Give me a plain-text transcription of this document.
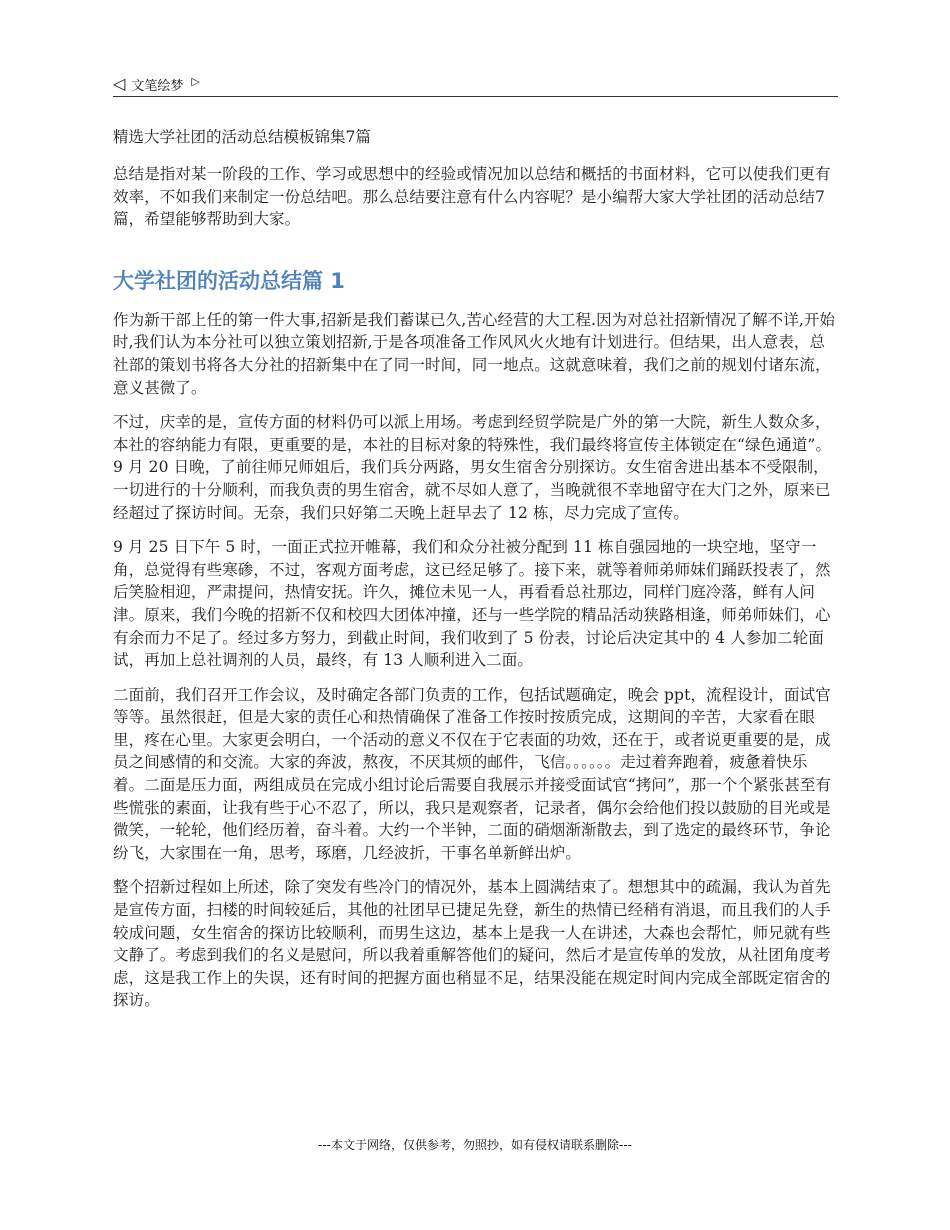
◁ 文笔绘梦 ▷
精选大学社团的活动总结模板锦集7篇

总结是指对某一阶段的工作、学习或思想中的经验或情况加以总结和概括的书面材料，它可以使我们更有效率，不如我们来制定一份总结吧。那么总结要注意有什么内容呢？是小编帮大家大学社团的活动总结7篇，希望能够帮助到大家。

大学社团的活动总结篇 1

作为新干部上任的第一件大事,招新是我们蓄谋已久,苦心经营的大工程.因为对总社招新情况了解不详,开始时,我们认为本分社可以独立策划招新,于是各项准备工作风风火火地有计划进行。但结果，出人意表，总社部的策划书将各大分社的招新集中在了同一时间，同一地点。这就意味着，我们之前的规划付诸东流，意义甚微了。

不过，庆幸的是，宣传方面的材料仍可以派上用场。考虑到经贸学院是广外的第一大院，新生人数众多，本社的容纳能力有限，更重要的是，本社的目标对象的特殊性，我们最终将宣传主体锁定在“绿色通道”。9 月 20 日晚，了前往师兄师姐后，我们兵分两路，男女生宿舍分别探访。女生宿舍进出基本不受限制，一切进行的十分顺利，而我负责的男生宿舍，就不尽如人意了，当晚就很不幸地留守在大门之外，原来已经超过了探访时间。无奈，我们只好第二天晚上赶早去了 12 栋，尽力完成了宣传。

9 月 25 日下午 5 时，一面正式拉开帷幕，我们和众分社被分配到 11 栋自强园地的一块空地，坚守一角，总觉得有些寒碜，不过，客观方面考虑，这已经足够了。接下来，就等着师弟师妹们踊跃投表了，然后笑脸相迎，严肃提问，热情安抚。许久，摊位未见一人，再看看总社那边，同样门庭冷落，鲜有人问津。原来，我们今晚的招新不仅和校四大团体冲撞，还与一些学院的精品活动狭路相逢，师弟师妹们，心有余而力不足了。经过多方努力，到截止时间，我们收到了 5 份表，讨论后决定其中的 4 人参加二轮面试，再加上总社调剂的人员，最终，有 13 人顺利进入二面。

二面前，我们召开工作会议，及时确定各部门负责的工作，包括试题确定，晚会 ppt，流程设计，面试官等等。虽然很赶，但是大家的责任心和热情确保了准备工作按时按质完成，这期间的辛苦，大家看在眼里，疼在心里。大家更会明白，一个活动的意义不仅在于它表面的功效，还在于，或者说更重要的是，成员之间感情的和交流。大家的奔波，熬夜，不厌其烦的邮件，飞信。。。。。。走过着奔跑着，疲惫着快乐着。二面是压力面，两组成员在完成小组讨论后需要自我展示并接受面试官“拷问”，那一个个紧张甚至有些慌张的素面，让我有些于心不忍了，所以，我只是观察者，记录者，偶尔会给他们投以鼓励的目光或是微笑，一轮轮，他们经历着，奋斗着。大约一个半钟，二面的硝烟渐渐散去，到了选定的最终环节，争论纷飞，大家围在一角，思考，琢磨，几经波折，干事名单新鲜出炉。

整个招新过程如上所述，除了突发有些冷门的情况外，基本上圆满结束了。想想其中的疏漏，我认为首先是宣传方面，扫楼的时间较延后，其他的社团早已捷足先登，新生的热情已经稍有消退，而且我们的人手较成问题，女生宿舍的探访比较顺利，而男生这边，基本上是我一人在讲述，大森也会帮忙，师兄就有些文静了。考虑到我们的名义是慰问，所以我着重解答他们的疑问，然后才是宣传单的发放，从社团角度考虑，这是我工作上的失误，还有时间的把握方面也稍显不足，结果没能在规定时间内完成全部既定宿舍的探访。

---本文于网络，仅供参考，勿照抄，如有侵权请联系删除---
